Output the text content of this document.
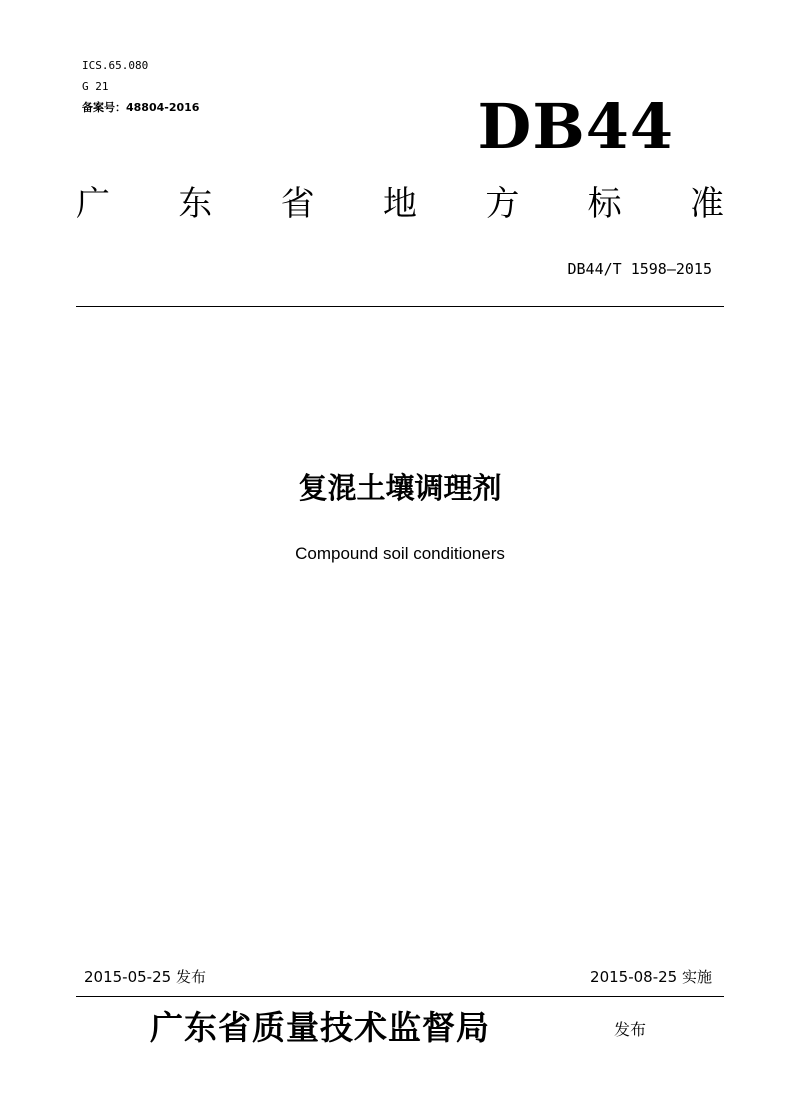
ICS.65.080
G 21
备案号：48804-2016	DB44
广 东 省 地 方 标 准
DB44/T 1598—2015
复混土壤调理剂
Compound soil conditioners
2015-05-25 发布	2015-08-25 实施
广东省质量技术监督局	发布
